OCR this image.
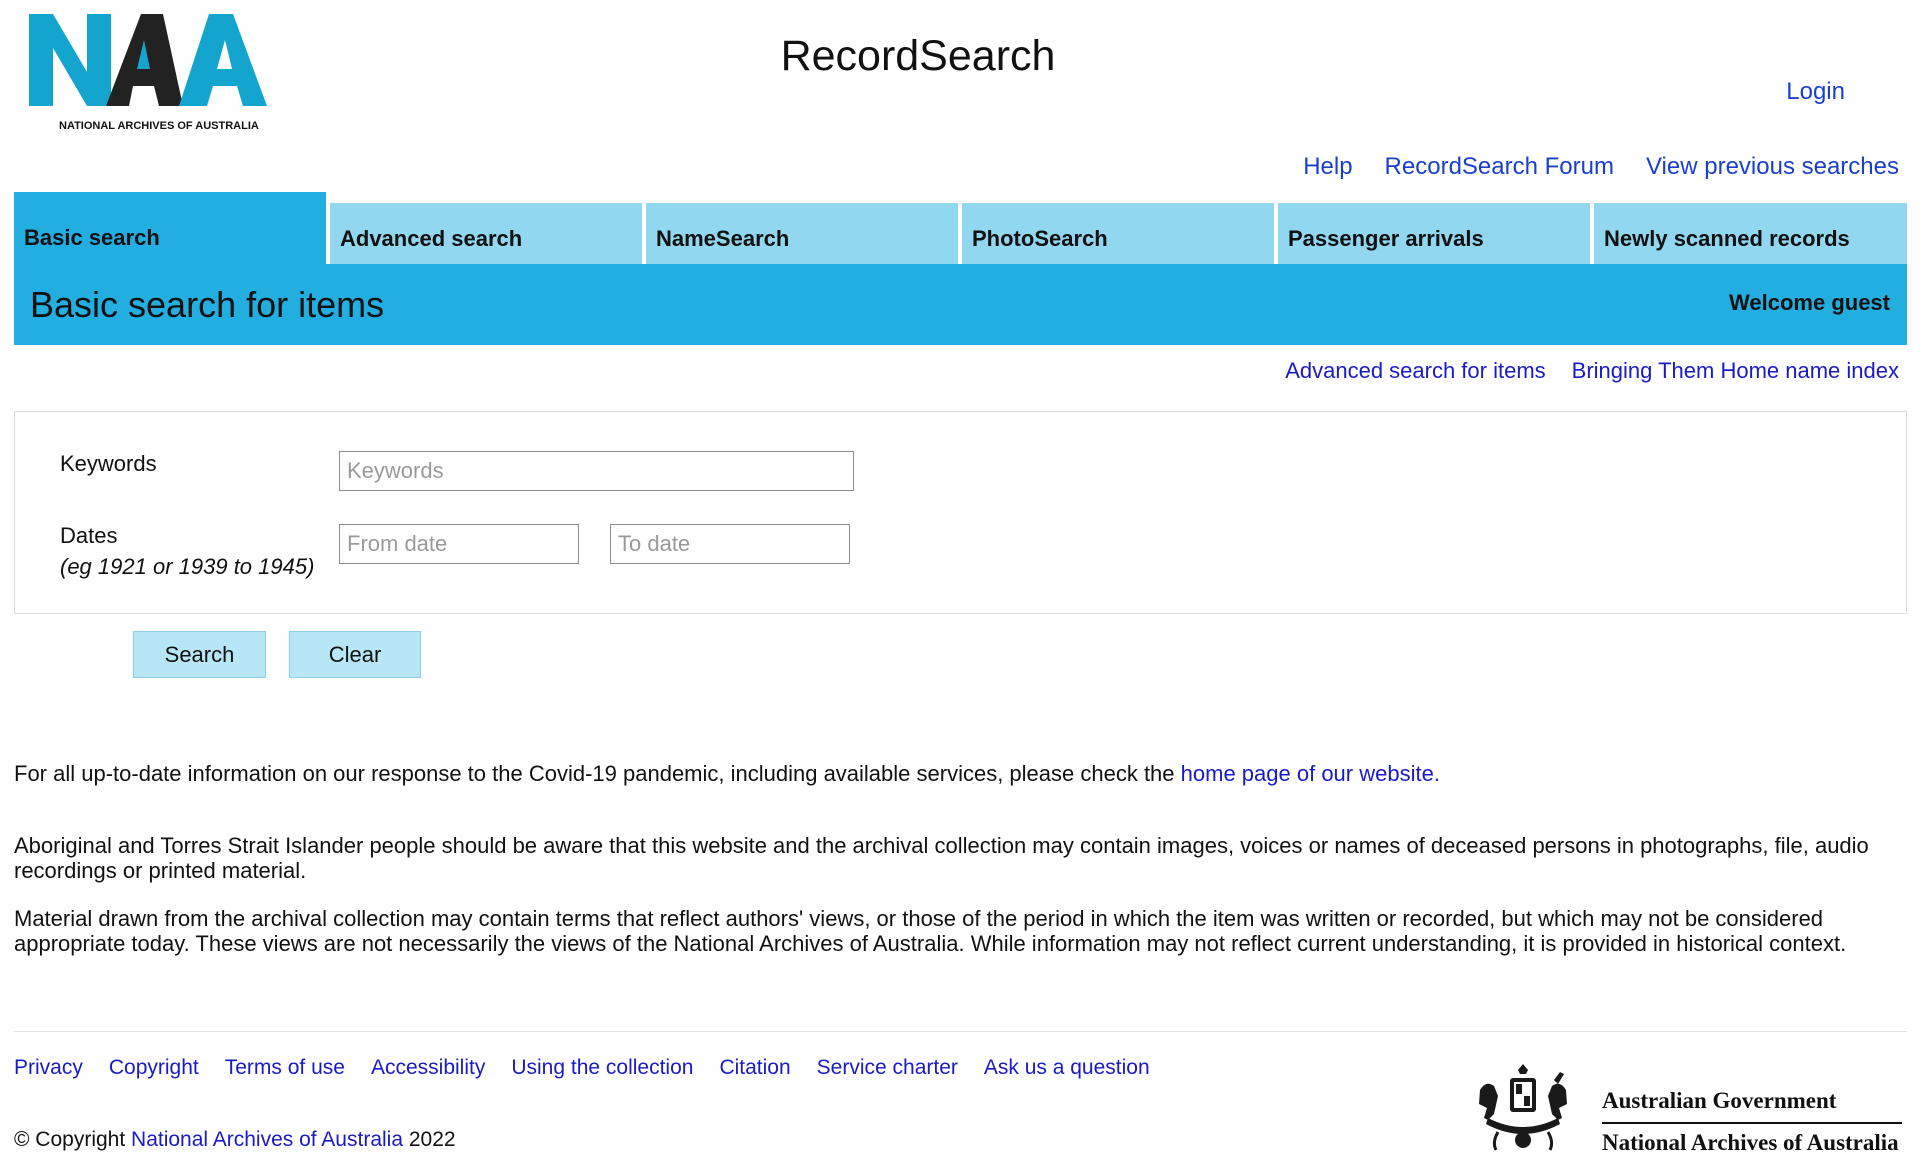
NATIONAL ARCHIVES OF AUSTRALIA
RecordSearch
Login
Help RecordSearch Forum View previous searches
Basic search	Advanced search	NameSearch	PhotoSearch	Passenger arrivals	Newly scanned records
Basic search for items	Welcome guest
Advanced search for items Bringing Them Home name index
Keywords
Keywords
Dates
(eg 1921 or 1939 to 1945)
From date
To date
Search	Clear
For all up-to-date information on our response to the Covid-19 pandemic, including available services, please check the home page of our website.
Aboriginal and Torres Strait Islander people should be aware that this website and the archival collection may contain images, voices or names of deceased persons in photographs, file, audio recordings or printed material.
Material drawn from the archival collection may contain terms that reflect authors' views, or those of the period in which the item was written or recorded, but which may not be considered appropriate today. These views are not necessarily the views of the National Archives of Australia. While information may not reflect current understanding, it is provided in historical context.
Privacy Copyright Terms of use Accessibility Using the collection Citation Service charter Ask us a question
© Copyright National Archives of Australia 2022
Australian Government
National Archives of Australia
